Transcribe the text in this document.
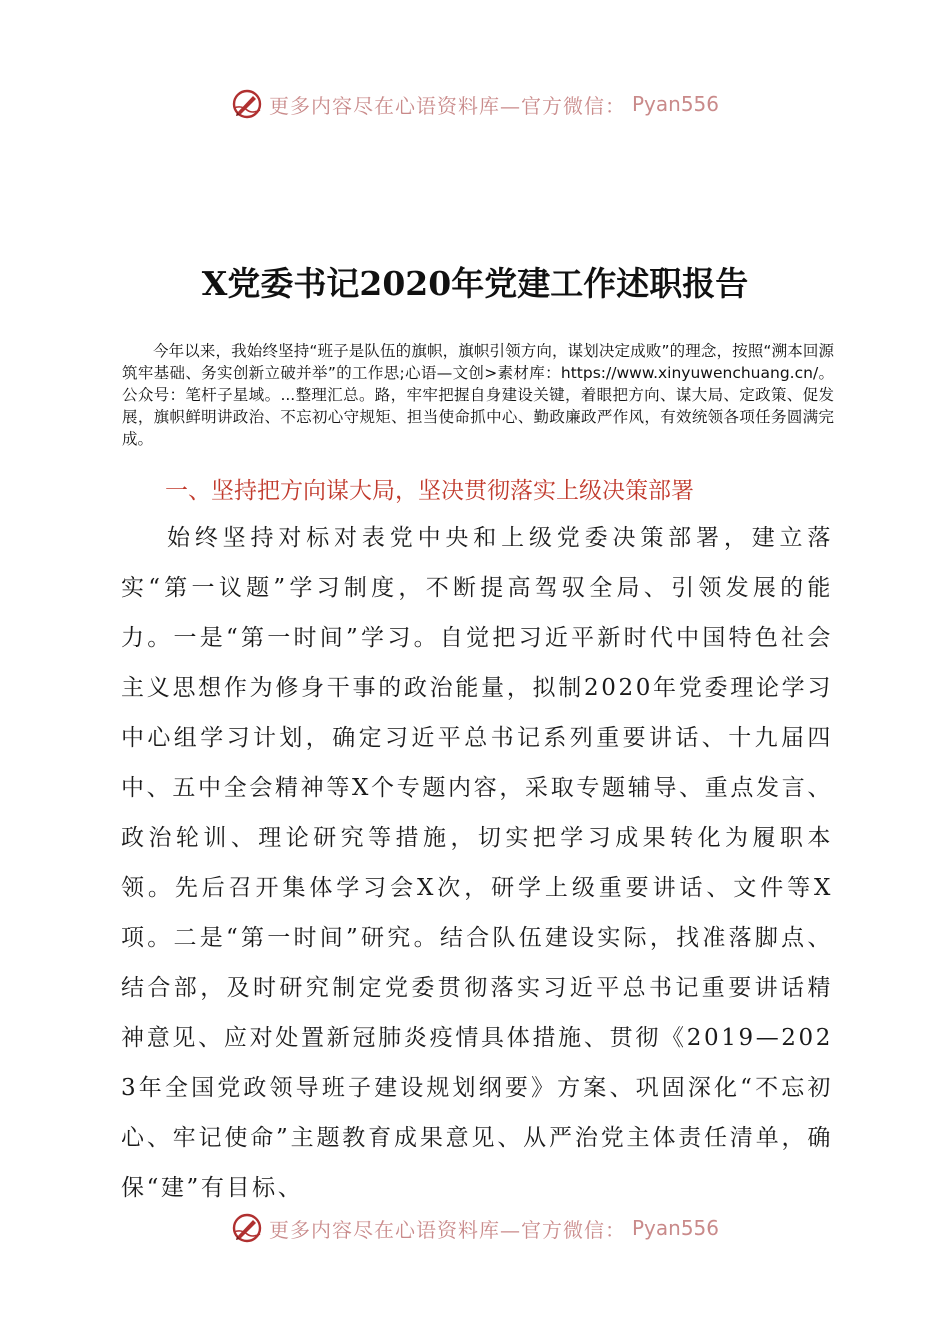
更多内容尽在心语资料库—官方微信： Pyan556
X党委书记2020年党建工作述职报告
今年以来，我始终坚持“班子是队伍的旗帜，旗帜引领方向，谋划决定成败”的理念，按照“溯本回源筑牢基础、务实创新立破并举”的工作思;心语—文创>素材库：https://www.xinyuwenchuang.cn/。公众号：笔杆子星域。...整理汇总。路，牢牢把握自身建设关键，着眼把方向、谋大局、定政策、促发展，旗帜鲜明讲政治、不忘初心守规矩、担当使命抓中心、勤政廉政严作风，有效统领各项任务圆满完成。
一、坚持把方向谋大局，坚决贯彻落实上级决策部署
始终坚持对标对表党中央和上级党委决策部署，建立落实“第一议题”学习制度，不断提高驾驭全局、引领发展的能力。一是“第一时间”学习。自觉把习近平新时代中国特色社会主义思想作为修身干事的政治能量，拟制2020年党委理论学习中心组学习计划，确定习近平总书记系列重要讲话、十九届四中、五中全会精神等X个专题内容，采取专题辅导、重点发言、政治轮训、理论研究等措施，切实把学习成果转化为履职本领。先后召开集体学习会X次，研学上级重要讲话、文件等X项。二是“第一时间”研究。结合队伍建设实际，找准落脚点、结合部，及时研究制定党委贯彻落实习近平总书记重要讲话精神意见、应对处置新冠肺炎疫情具体措施、贯彻《2019—2023年全国党政领导班子建设规划纲要》方案、巩固深化“不忘初心、牢记使命”主题教育成果意见、从严治党主体责任清单，确保“建”有目标、
更多内容尽在心语资料库—官方微信： Pyan556
